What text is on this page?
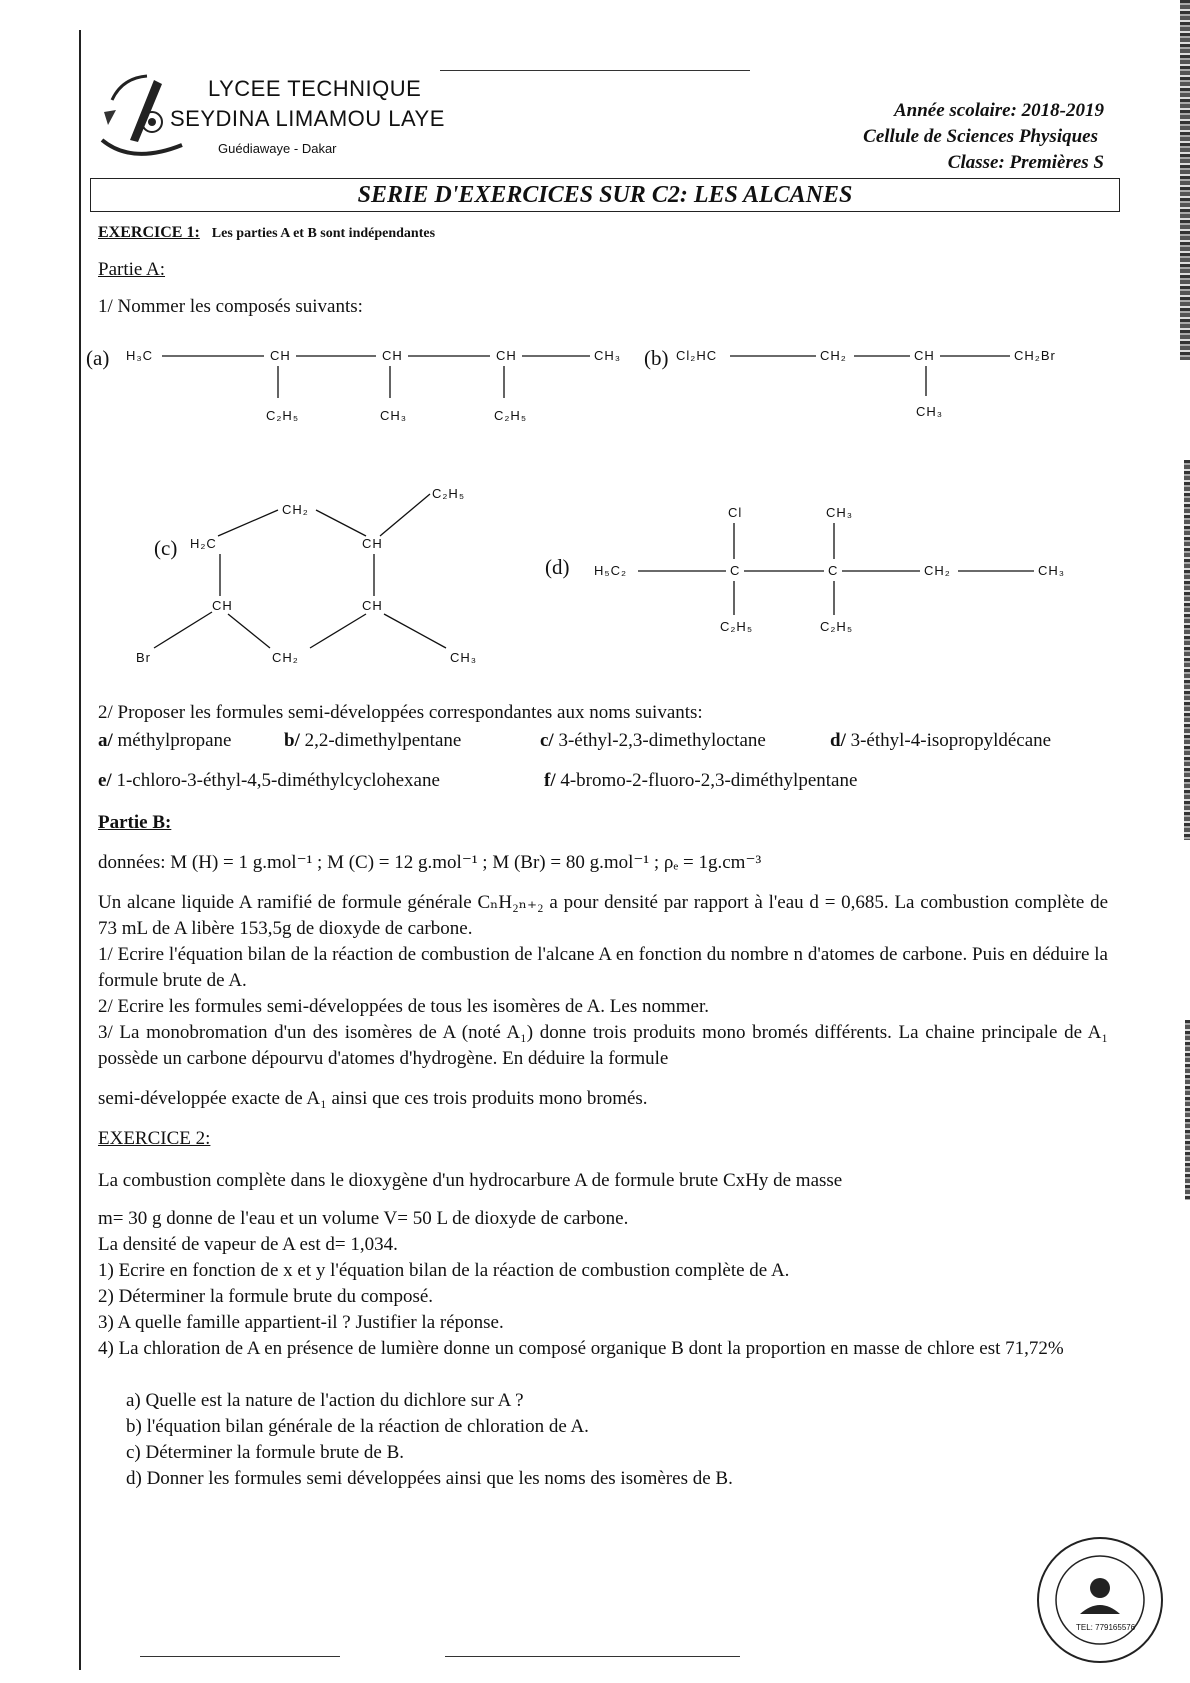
LYCEE TECHNIQUE
SEYDINA LIMAMOU LAYE
Guédiawaye - Dakar
Année scolaire: 2018-2019
Cellule de Sciences Physiques
Classe: Premières S
SERIE D'EXERCICES SUR C2: LES ALCANES
EXERCICE 1: Les parties A et B sont indépendantes
Partie A:
1/ Nommer les composés suivants:
(a)	(b)
(c)
(d)
H₃C	CH	CH	CH	CH₃
C₂H₅	CH₃	C₂H₅
Cl₂HC	CH₂	CH	CH₂Br
CH₃
CH₂
H₂C	CH
CH	CH
CH₂
C₂H₅
Br	CH₃
H₅C₂	C	C	CH₂	CH₃
Cl	CH₃
C₂H₅	C₂H₅
2/ Proposer les formules semi-développées correspondantes aux noms suivants:
a/ méthylpropane	b/ 2,2-dimethylpentane	c/ 3-éthyl-2,3-dimethyloctane	d/ 3-éthyl-4-isopropyldécane
e/ 1-chloro-3-éthyl-4,5-diméthylcyclohexane	f/ 4-bromo-2-fluoro-2,3-diméthylpentane
Partie B:
données: M (H) = 1 g.mol⁻¹ ; M (C) = 12 g.mol⁻¹ ; M (Br) = 80 g.mol⁻¹ ; ρₑ = 1g.cm⁻³
Un alcane liquide A ramifié de formule générale CₙH₂ₙ₊₂ a pour densité par rapport à l'eau d = 0,685. La combustion complète de 73 mL de A libère 153,5g de dioxyde de carbone.
1/ Ecrire l'équation bilan de la réaction de combustion de l'alcane A en fonction du nombre n d'atomes de carbone. Puis en déduire la formule brute de A.
2/ Ecrire les formules semi-développées de tous les isomères de A. Les nommer.
3/ La monobromation d'un des isomères de A (noté A₁) donne trois produits mono bromés différents. La chaine principale de A₁ possède un carbone dépourvu d'atomes d'hydrogène. En déduire la formule
semi-développée exacte de A₁ ainsi que ces trois produits mono bromés.
EXERCICE 2:
La combustion complète dans le dioxygène d'un hydrocarbure A de formule brute CxHy de masse
m= 30 g donne de l'eau et un volume V= 50 L de dioxyde de carbone.
La densité de vapeur de A est d= 1,034.
1) Ecrire en fonction de x et y l'équation bilan de la réaction de combustion complète de A.
2) Déterminer la formule brute du composé.
3) A quelle famille appartient-il ? Justifier la réponse.
4) La chloration de A en présence de lumière donne un composé organique B dont la proportion en masse de chlore est 71,72%
a) Quelle est la nature de l'action du dichlore sur A ?
b) l'équation bilan générale de la réaction de chloration de A.
c) Déterminer la formule brute de B.
d) Donner les formules semi développées ainsi que les noms des isomères de B.
TEL: 779165576
